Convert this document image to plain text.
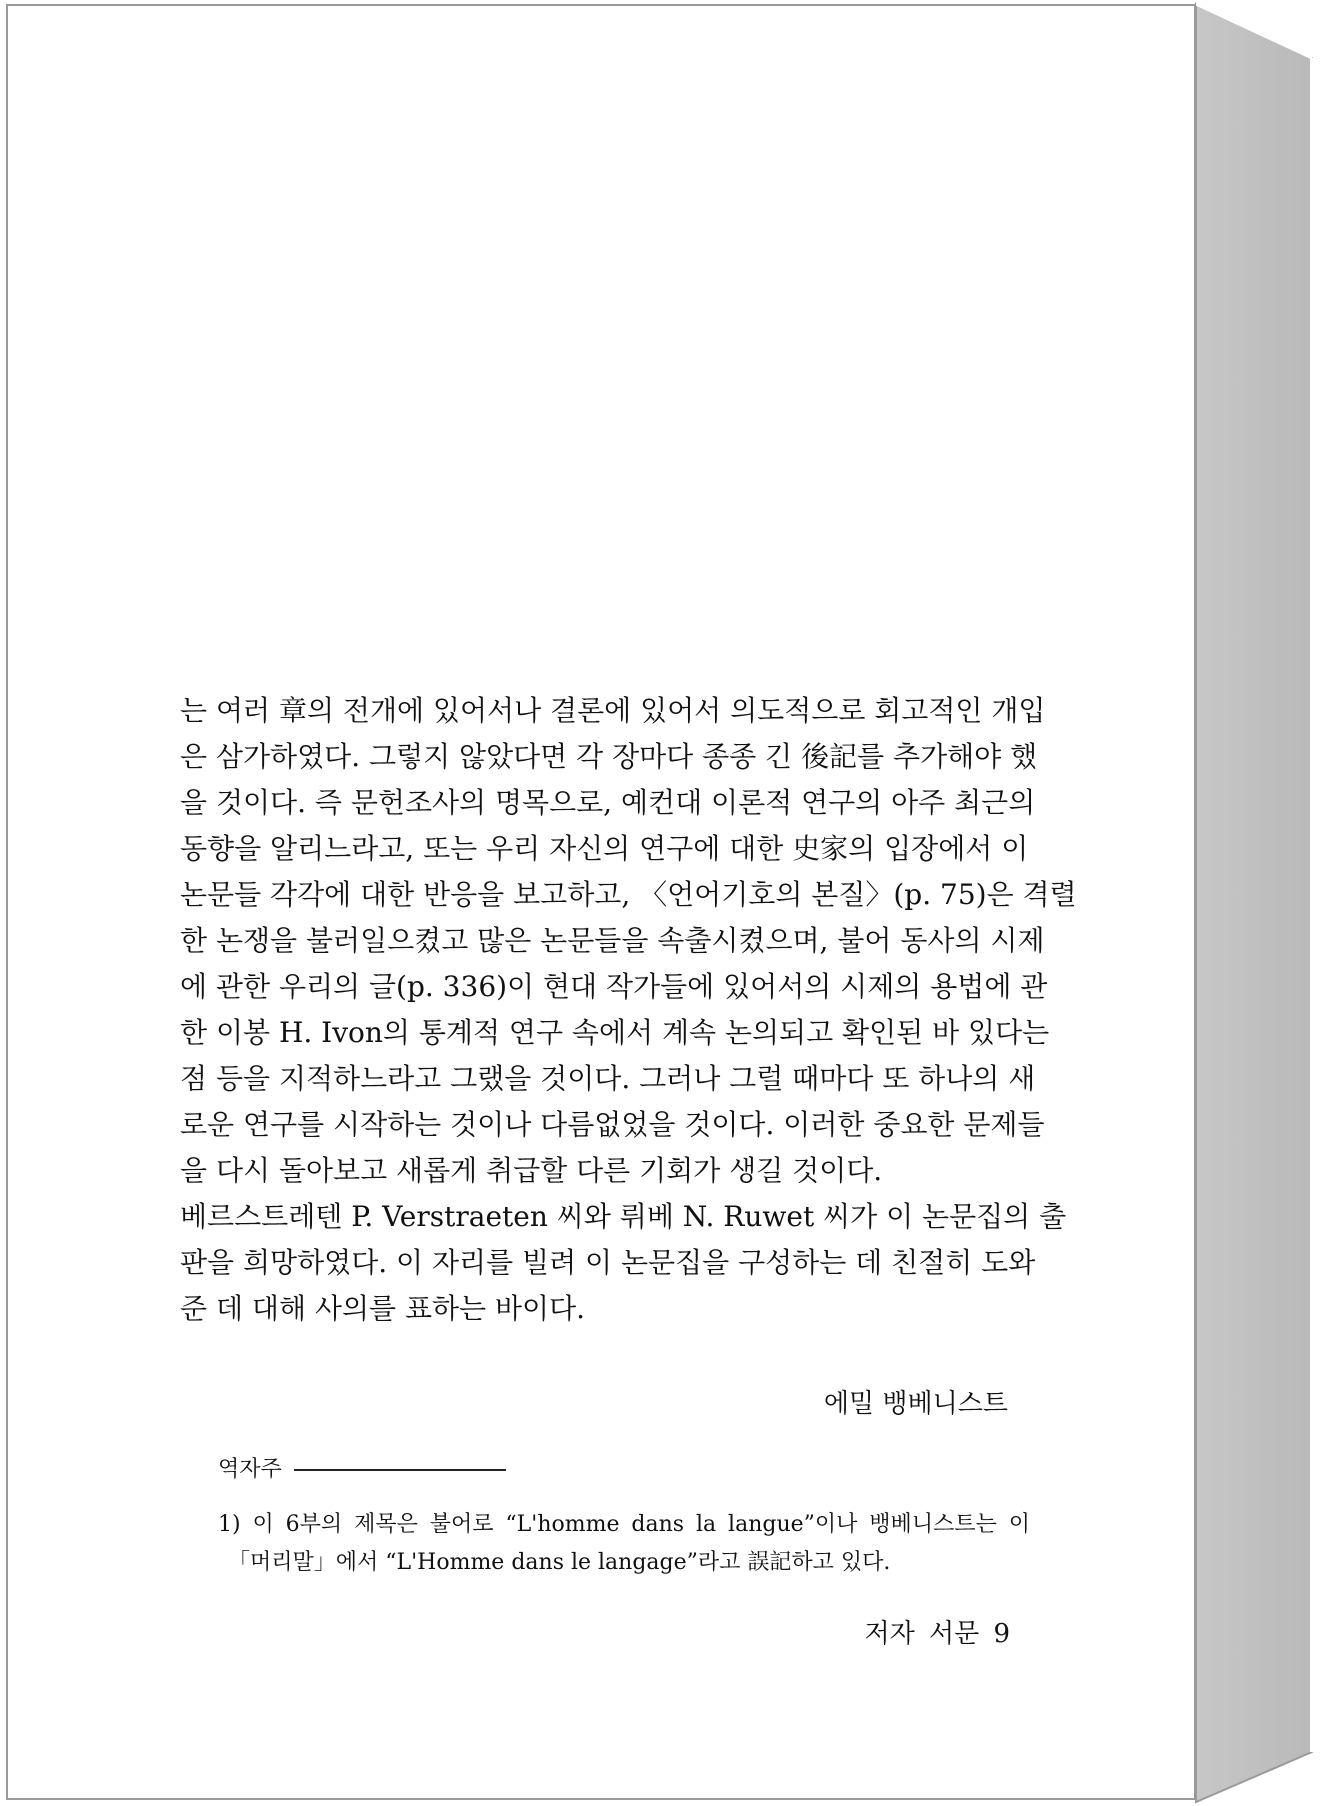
는 여러 章의 전개에 있어서나 결론에 있어서 의도적으로 회고적인 개입
은 삼가하였다. 그렇지 않았다면 각 장마다 종종 긴 後記를 추가해야 했
을 것이다. 즉 문헌조사의 명목으로, 예컨대 이론적 연구의 아주 최근의
동향을 알리느라고, 또는 우리 자신의 연구에 대한 史家의 입장에서 이
논문들 각각에 대한 반응을 보고하고, 〈언어기호의 본질〉(p. 75)은 격렬
한 논쟁을 불러일으켰고 많은 논문들을 속출시켰으며, 불어 동사의 시제
에 관한 우리의 글(p. 336)이 현대 작가들에 있어서의 시제의 용법에 관
한 이봉 H. Ivon의 통계적 연구 속에서 계속 논의되고 확인된 바 있다는
점 등을 지적하느라고 그랬을 것이다. 그러나 그럴 때마다 또 하나의 새
로운 연구를 시작하는 것이나 다름없었을 것이다. 이러한 중요한 문제들
을 다시 돌아보고 새롭게 취급할 다른 기회가 생길 것이다.
베르스트레텐 P. Verstraeten 씨와 뤼베 N. Ruwet 씨가 이 논문집의 출
판을 희망하였다. 이 자리를 빌려 이 논문집을 구성하는 데 친절히 도와
준 데 대해 사의를 표하는 바이다.
에밀 뱅베니스트
역자주
1) 이 6부의 제목은 불어로 “L'homme dans la langue”이나 뱅베니스트는 이
「머리말」에서 “L'Homme dans le langage”라고 誤記하고 있다.
저자 서문 9
